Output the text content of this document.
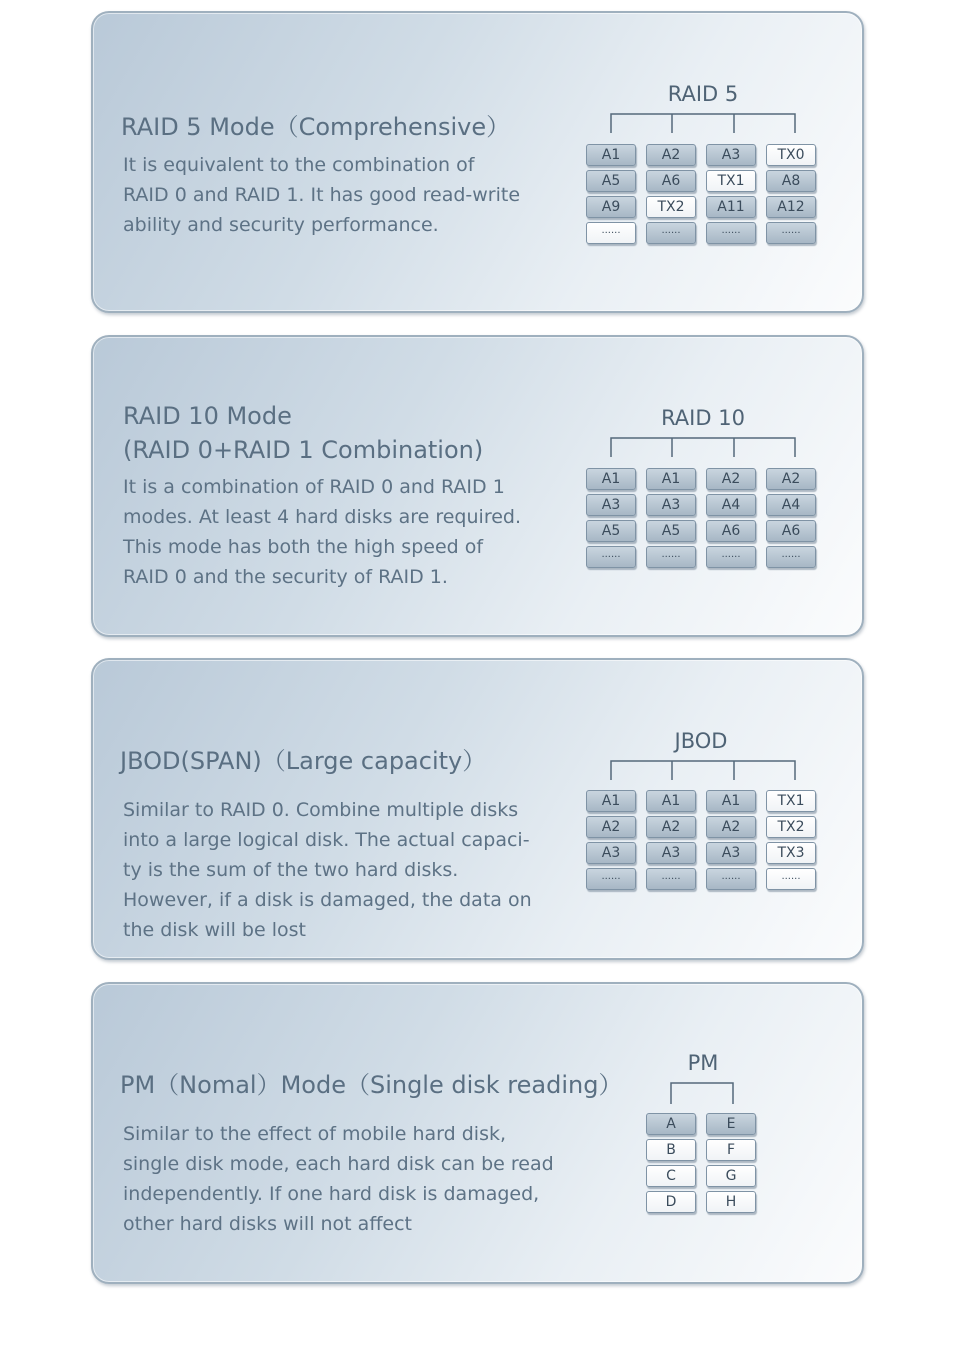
RAID 5 Mode（Comprehensive）

It is equivalent to the combination of
RAID 0 and RAID 1. It has good read-write
ability and security performance.

RAID 5
A1
A5
A9
......
A2
A6
TX2
......
A3
TX1
A11
......
TX0
A8
A12
......
RAID 10 Mode
(RAID 0+RAID 1 Combination)

It is a combination of RAID 0 and RAID 1
modes. At least 4 hard disks are required.
This mode has both the high speed of
RAID 0 and the security of RAID 1.

RAID 10
A1
A3
A5
......
A1
A3
A5
......
A2
A4
A6
......
A2
A4
A6
......
JBOD(SPAN)（Large capacity）

Similar to RAID 0. Combine multiple disks
into a large logical disk. The actual capaci-
ty is the sum of the two hard disks.
However, if a disk is damaged, the data on
the disk will be lost

JBOD
A1
A2
A3
......
A1
A2
A3
......
A1
A2
A3
......
TX1
TX2
TX3
......
PM（Nomal）Mode（Single disk reading）

Similar to the effect of mobile hard disk,
single disk mode, each hard disk can be read
independently. If one hard disk is damaged,
other hard disks will not affect

PM
A
B
C
D
E
F
G
H
